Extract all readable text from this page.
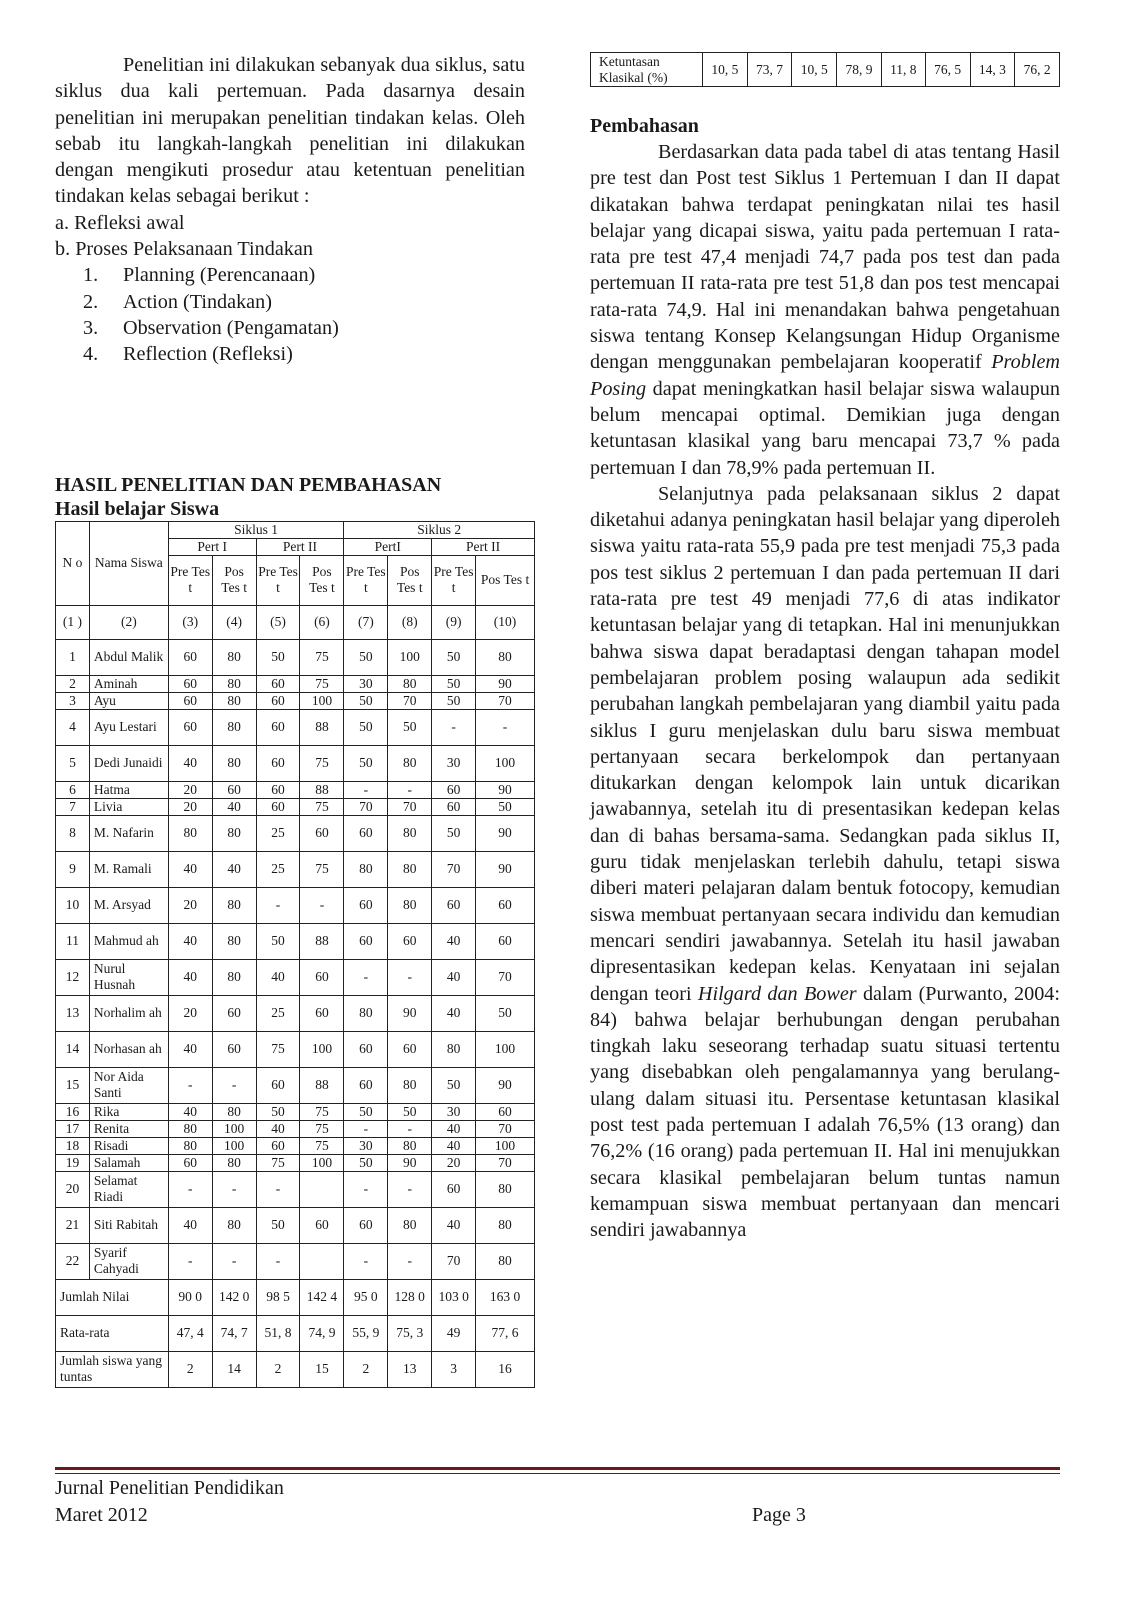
Penelitian ini dilakukan sebanyak dua siklus, satu siklus dua kali pertemuan. Pada dasarnya desain penelitian ini merupakan penelitian tindakan kelas. Oleh sebab itu langkah-langkah penelitian ini dilakukan dengan mengikuti prosedur atau ketentuan penelitian tindakan kelas sebagai berikut :

a. Refleksi awal
b. Proses Pelaksanaan Tindakan
1. Planning (Perencanaan)
2. Action (Tindakan)
3. Observation (Pengamatan)
4. Reflection (Refleksi)
HASIL PENELITIAN DAN PEMBAHASAN
Hasil belajar Siswa
N o	Nama Siswa	Siklus 1				Siklus 2			
		Pert I		Pert II		PertI		Pert II	
		Pre Tes t	Pos Tes t	Pre Tes t	Pos Tes t	Pre Tes t	Pos Tes t	Pre Tes t	Pos Tes t
(1 )	(2)	(3)	(4)	(5)	(6)	(7)	(8)	(9)	(10)
1	Abdul Malik	60	80	50	75	50	100	50	80
2	Aminah	60	80	60	75	30	80	50	90
3	Ayu	60	80	60	100	50	70	50	70
4	Ayu Lestari	60	80	60	88	50	50	-	-
5	Dedi Junaidi	40	80	60	75	50	80	30	100
6	Hatma	20	60	60	88	-	-	60	90
7	Livia	20	40	60	75	70	70	60	50
8	M. Nafarin	80	80	25	60	60	80	50	90
9	M. Ramali	40	40	25	75	80	80	70	90
10	M. Arsyad	20	80	-	-	60	80	60	60
11	Mahmud ah	40	80	50	88	60	60	40	60
12	Nurul Husnah	40	80	40	60	-	-	40	70
13	Norhalim ah	20	60	25	60	80	90	40	50
14	Norhasan ah	40	60	75	100	60	60	80	100
15	Nor Aida Santi	-	-	60	88	60	80	50	90
16	Rika	40	80	50	75	50	50	30	60
17	Renita	80	100	40	75	-	-	40	70
18	Risadi	80	100	60	75	30	80	40	100
19	Salamah	60	80	75	100	50	90	20	70
20	Selamat Riadi	-	-	-		-	-	60	80
21	Siti Rabitah	40	80	50	60	60	80	40	80
22	Syarif Cahyadi	-	-	-		-	-	70	80
Jumlah Nilai		90 0	142 0	98 5	142 4	95 0	128 0	103 0	163 0
Rata-rata		47, 4	74, 7	51, 8	74, 9	55, 9	75, 3	49	77, 6
Jumlah siswa yang tuntas		2	14	2	15	2	13	3	16
Ketuntasan Klasikal (%)	10, 5	73, 7	10, 5	78, 9	11, 8	76, 5	14, 3	76, 2
Pembahasan

Berdasarkan data pada tabel di atas tentang Hasil pre test dan Post test Siklus 1 Pertemuan I dan II dapat dikatakan bahwa terdapat peningkatan nilai tes hasil belajar yang dicapai siswa, yaitu pada pertemuan I rata-rata pre test 47,4 menjadi 74,7 pada pos test dan pada pertemuan II rata-rata pre test 51,8 dan pos test mencapai rata-rata 74,9. Hal ini menandakan bahwa pengetahuan siswa tentang Konsep Kelangsungan Hidup Organisme dengan menggunakan pembelajaran kooperatif Problem Posing dapat meningkatkan hasil belajar siswa walaupun belum mencapai optimal. Demikian juga dengan ketuntasan klasikal yang baru mencapai 73,7 % pada pertemuan I dan 78,9% pada pertemuan II.

Selanjutnya pada pelaksanaan siklus 2 dapat diketahui adanya peningkatan hasil belajar yang diperoleh siswa yaitu rata-rata 55,9 pada pre test menjadi 75,3 pada pos test siklus 2 pertemuan I dan pada pertemuan II dari rata-rata pre test 49 menjadi 77,6 di atas indikator ketuntasan belajar yang di tetapkan. Hal ini menunjukkan bahwa siswa dapat beradaptasi dengan tahapan model pembelajaran problem posing walaupun ada sedikit perubahan langkah pembelajaran yang diambil yaitu pada siklus I guru menjelaskan dulu baru siswa membuat pertanyaan secara berkelompok dan pertanyaan ditukarkan dengan kelompok lain untuk dicarikan jawabannya, setelah itu di presentasikan kedepan kelas dan di bahas bersama-sama. Sedangkan pada siklus II, guru tidak menjelaskan terlebih dahulu, tetapi siswa diberi materi pelajaran dalam bentuk fotocopy, kemudian siswa membuat pertanyaan secara individu dan kemudian mencari sendiri jawabannya. Setelah itu hasil jawaban dipresentasikan kedepan kelas. Kenyataan ini sejalan dengan teori Hilgard dan Bower dalam (Purwanto, 2004: 84) bahwa belajar berhubungan dengan perubahan tingkah laku seseorang terhadap suatu situasi tertentu yang disebabkan oleh pengalamannya yang berulang-ulang dalam situasi itu. Persentase ketuntasan klasikal post test pada pertemuan I adalah 76,5% (13 orang) dan 76,2% (16 orang) pada pertemuan II. Hal ini menujukkan secara klasikal pembelajaran belum tuntas namun kemampuan siswa membuat pertanyaan dan mencari sendiri jawabannya

Jurnal Penelitian Pendidikan
Maret 2012	Page 3
